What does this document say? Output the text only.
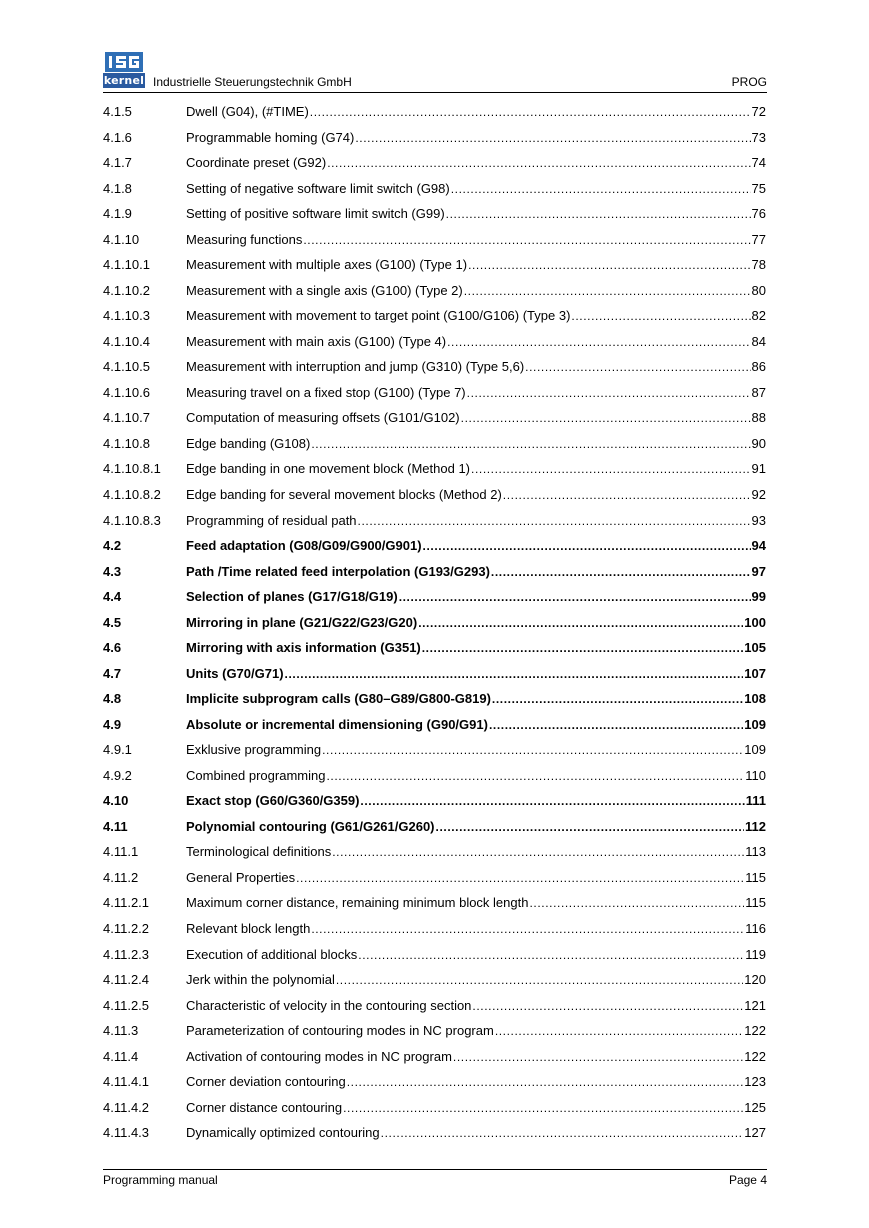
kernel Industrielle Steuerungstechnik GmbH	PROG
4.1.5	Dwell (G04), (#TIME) .....	72
4.1.6	Programmable homing (G74) .....	73
4.1.7	Coordinate preset (G92) .....	74
4.1.8	Setting of negative software limit switch (G98) .....	75
4.1.9	Setting of positive software limit switch (G99) .....	76
4.1.10	Measuring functions .....	77
4.1.10.1	Measurement with multiple axes (G100) (Type 1) .....	78
4.1.10.2	Measurement with a single axis (G100) (Type 2) .....	80
4.1.10.3	Measurement with movement to target point (G100/G106) (Type 3) .....	82
4.1.10.4	Measurement with main axis (G100) (Type 4) .....	84
4.1.10.5	Measurement with interruption and jump (G310) (Type 5,6) .....	86
4.1.10.6	Measuring travel on a fixed stop (G100) (Type 7) .....	87
4.1.10.7	Computation of measuring offsets (G101/G102) .....	88
4.1.10.8	Edge banding (G108) .....	90
4.1.10.8.1 Edge banding in one movement block (Method 1) .....	91
4.1.10.8.2 Edge banding for several movement blocks (Method 2) .....	92
4.1.10.8.3 Programming of residual path .....	93
4.2	Feed adaptation (G08/G09/G900/G901) .....	94
4.3	Path /Time related feed interpolation (G193/G293) .....	97
4.4	Selection of planes (G17/G18/G19) .....	99
4.5	Mirroring in plane (G21/G22/G23/G20) .....	100
4.6	Mirroring with axis information (G351) .....	105
4.7	Units (G70/G71) .....	107
4.8	Implicite subprogram calls (G80–G89/G800-G819) .....	108
4.9	Absolute or incremental dimensioning (G90/G91) .....	109
4.9.1	Exklusive programming .....	109
4.9.2	Combined programming .....	110
4.10	Exact stop (G60/G360/G359) .....	111
4.11	Polynomial contouring (G61/G261/G260) .....	112
4.11.1	Terminological definitions .....	113
4.11.2	General Properties .....	115
4.11.2.1	Maximum corner distance, remaining minimum block length .....	115
4.11.2.2	Relevant block length .....	116
4.11.2.3	Execution of additional blocks .....	119
4.11.2.4	Jerk within the polynomial .....	120
4.11.2.5	Characteristic of velocity in the contouring section .....	121
4.11.3	Parameterization of contouring modes in NC program .....	122
4.11.4	Activation of contouring modes in NC program .....	122
4.11.4.1	Corner deviation contouring .....	123
4.11.4.2	Corner distance contouring .....	125
4.11.4.3	Dynamically optimized contouring .....	127
Programming manual	Page 4
